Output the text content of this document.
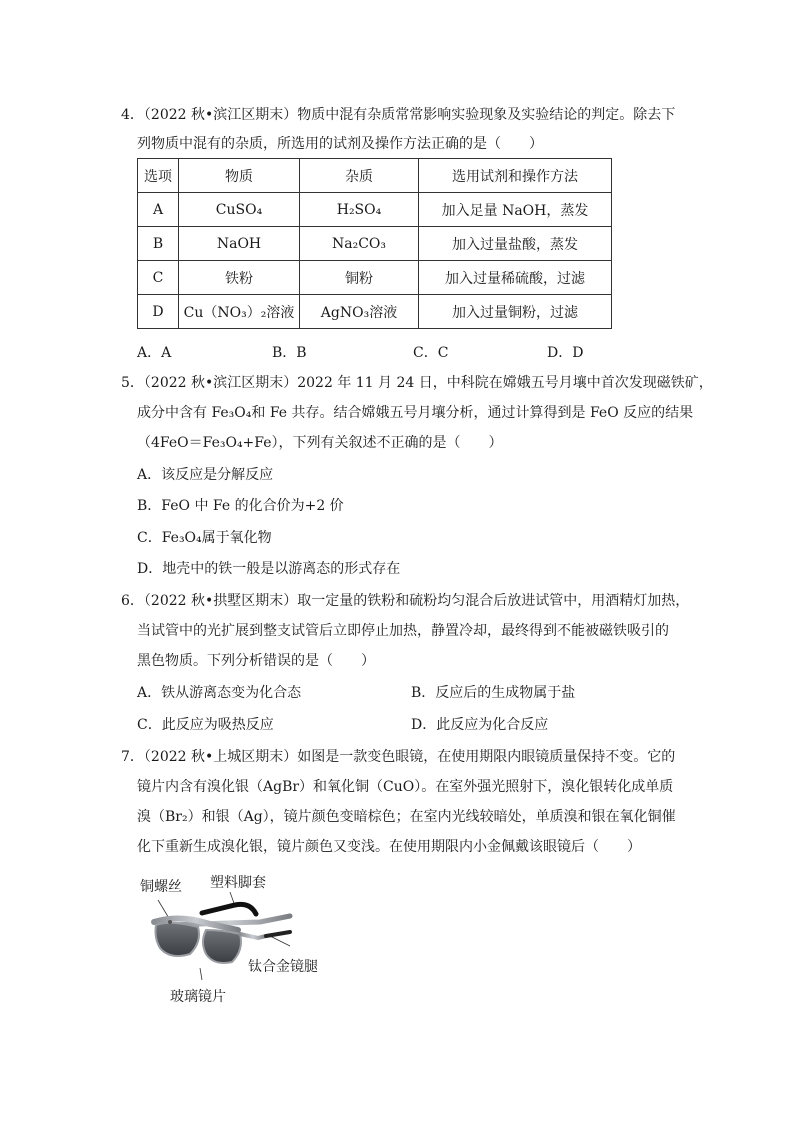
4．（2022 秋•滨江区期末）物质中混有杂质常常影响实验现象及实验结论的判定。除去下
列物质中混有的杂质，所选用的试剂及操作方法正确的是（　　）
选项	物质	杂质	选用试剂和操作方法
A	CuSO₄	H₂SO₄	加入足量 NaOH，蒸发
B	NaOH	Na₂CO₃	加入过量盐酸，蒸发
C	铁粉	铜粉	加入过量稀硫酸，过滤
D	Cu（NO₃）₂溶液	AgNO₃溶液	加入过量铜粉，过滤
A．A	B．B	C．C	D．D
5．（2022 秋•滨江区期末）2022 年 11 月 24 日，中科院在嫦娥五号月壤中首次发现磁铁矿，
成分中含有 Fe₃O₄和 Fe 共存。结合嫦娥五号月壤分析，通过计算得到是 FeO 反应的结果
（4FeO＝Fe₃O₄+Fe），下列有关叙述不正确的是（　　）
A．该反应是分解反应
B．FeO 中 Fe 的化合价为+2 价
C．Fe₃O₄属于氧化物
D．地壳中的铁一般是以游离态的形式存在
6．（2022 秋•拱墅区期末）取一定量的铁粉和硫粉均匀混合后放进试管中，用酒精灯加热，
当试管中的光扩展到整支试管后立即停止加热，静置冷却，最终得到不能被磁铁吸引的
黑色物质。下列分析错误的是（　　）
A．铁从游离态变为化合态	B．反应后的生成物属于盐
C．此反应为吸热反应	D．此反应为化合反应
7．（2022 秋•上城区期末）如图是一款变色眼镜，在使用期限内眼镜质量保持不变。它的
镜片内含有溴化银（AgBr）和氧化铜（CuO）。在室外强光照射下，溴化银转化成单质
溴（Br₂）和银（Ag），镜片颜色变暗棕色；在室内光线较暗处，单质溴和银在氧化铜催
化下重新生成溴化银，镜片颜色又变浅。在使用期限内小金佩戴该眼镜后（　　）
铜螺丝 塑料脚套
钛合金镜腿
玻璃镜片
